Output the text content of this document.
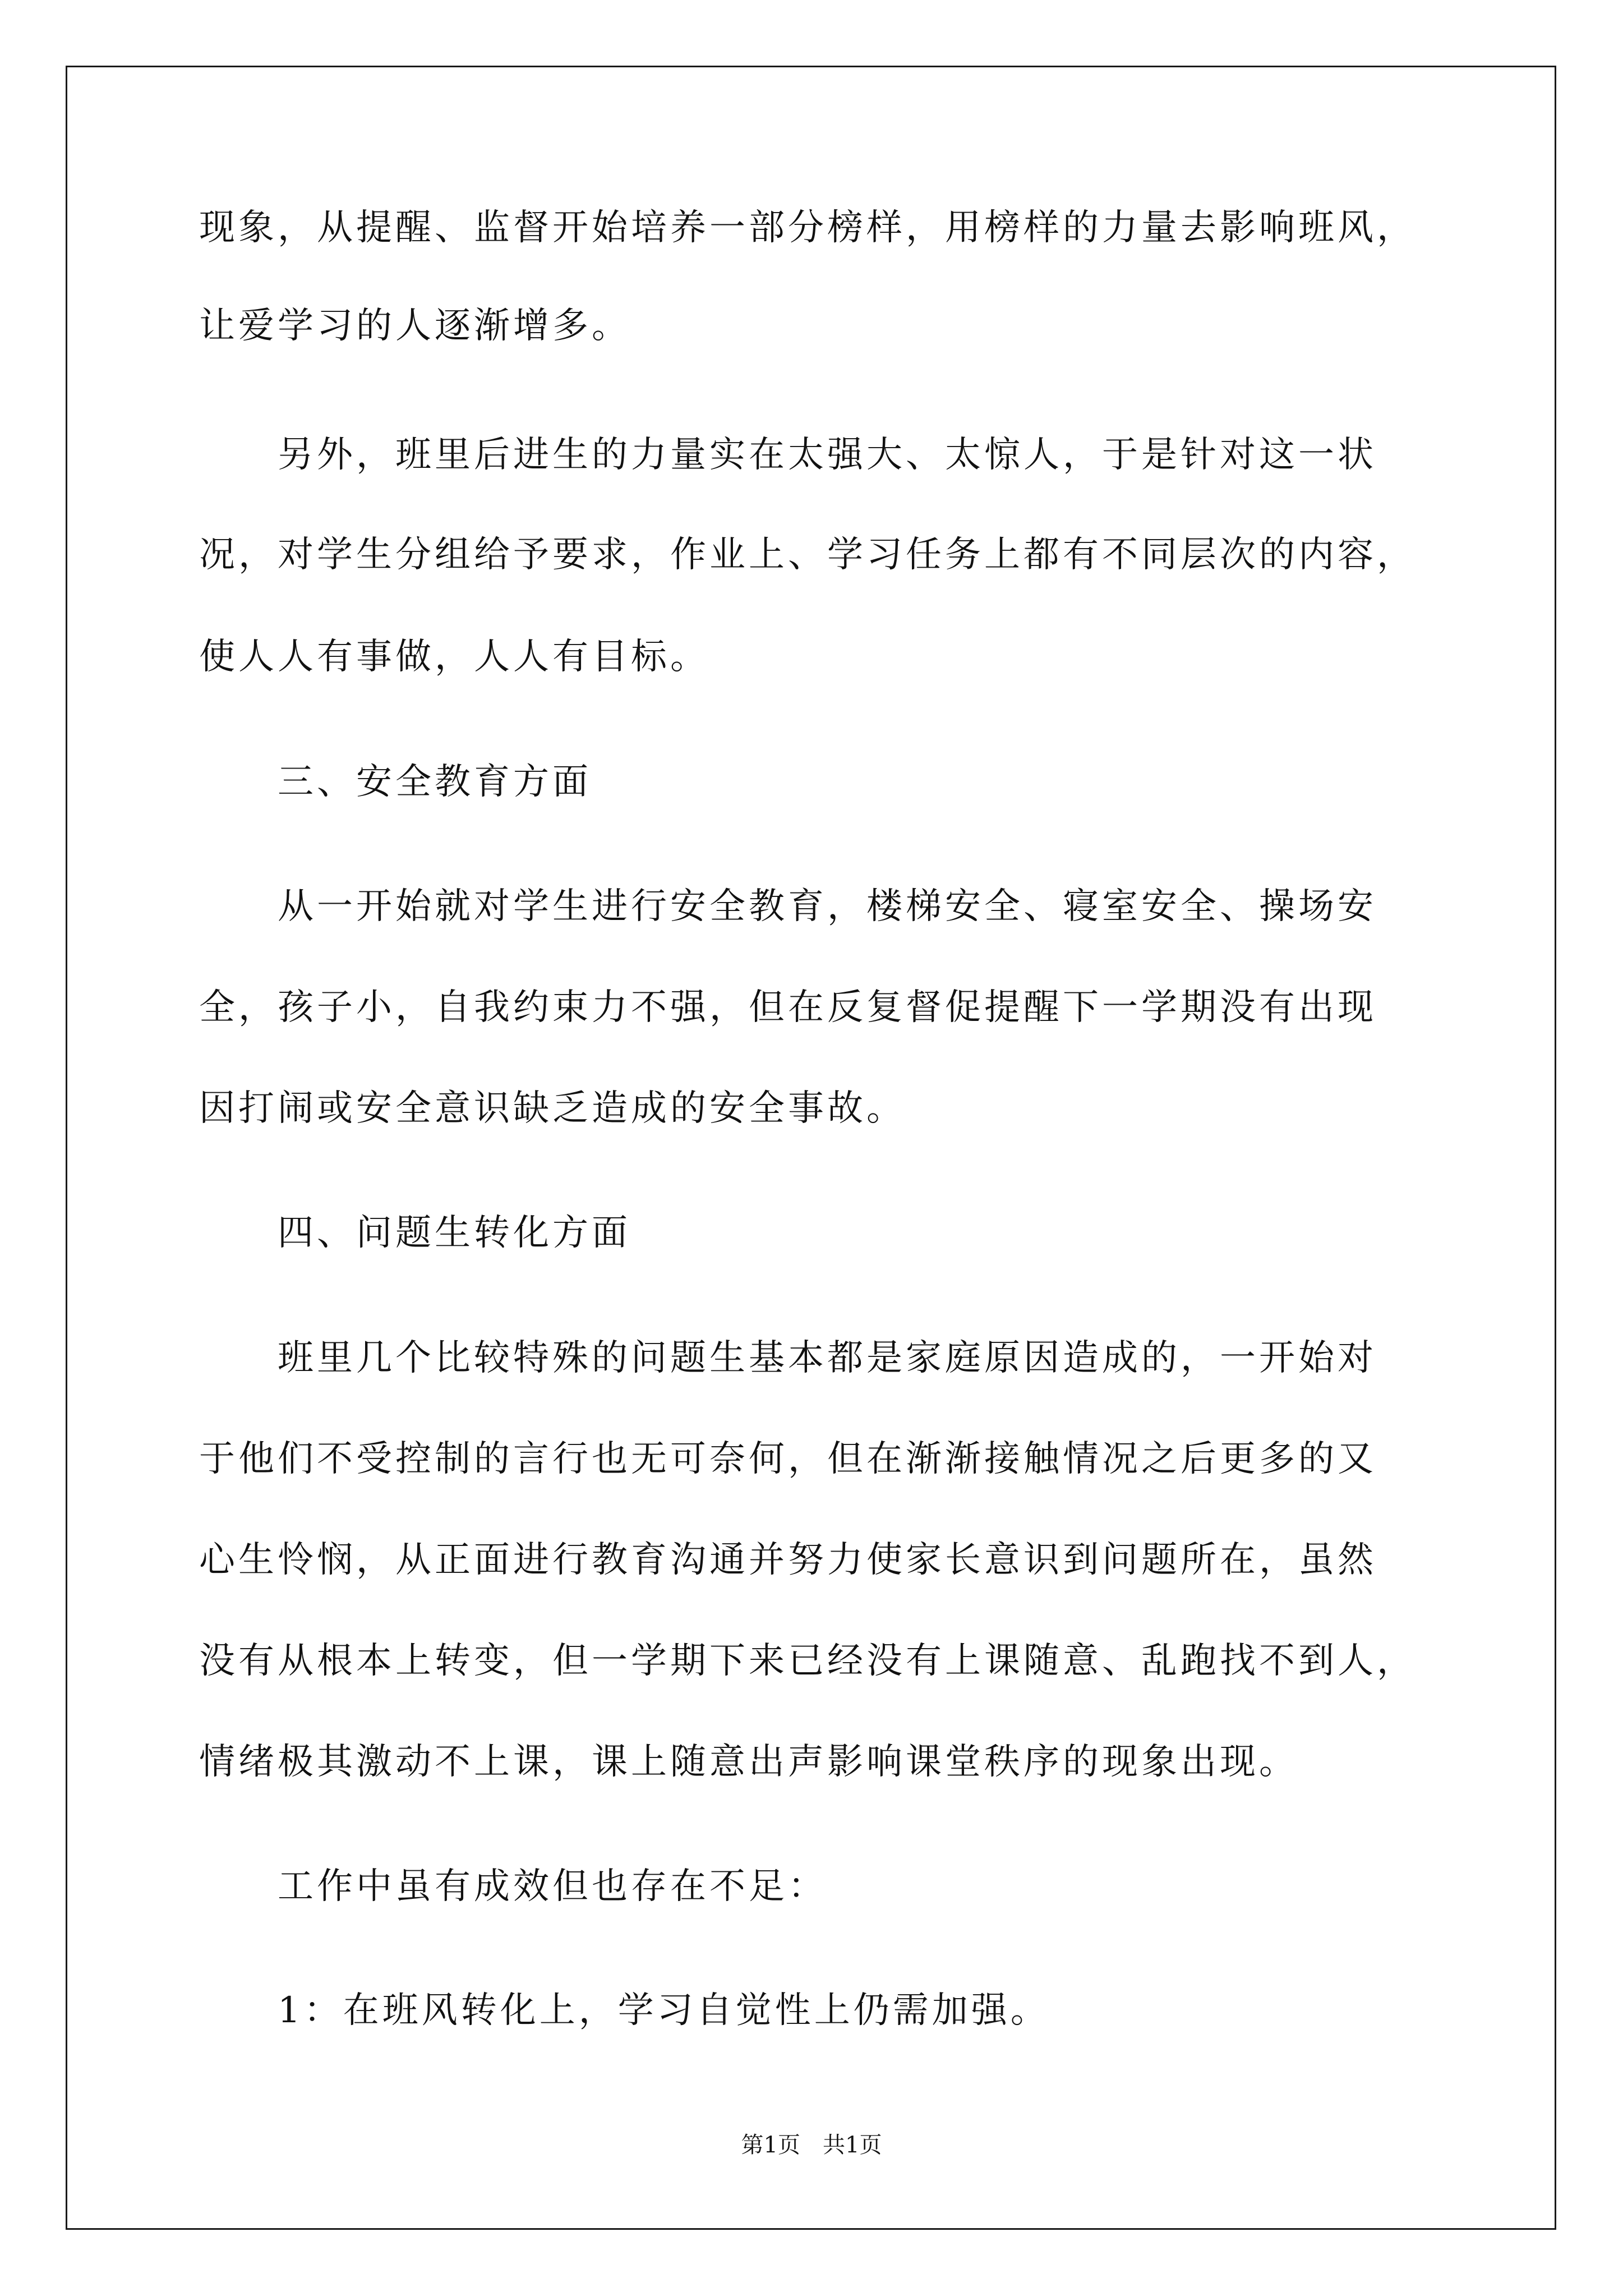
现象，从提醒、监督开始培养一部分榜样，用榜样的力量去影响班风，
让爱学习的人逐渐增多。
　　另外，班里后进生的力量实在太强大、太惊人，于是针对这一状
况，对学生分组给予要求，作业上、学习任务上都有不同层次的内容，
使人人有事做，人人有目标。
　　三、安全教育方面
　　从一开始就对学生进行安全教育，楼梯安全、寝室安全、操场安
全，孩子小，自我约束力不强，但在反复督促提醒下一学期没有出现
因打闹或安全意识缺乏造成的安全事故。
　　四、问题生转化方面
　　班里几个比较特殊的问题生基本都是家庭原因造成的，一开始对
于他们不受控制的言行也无可奈何，但在渐渐接触情况之后更多的又
心生怜悯，从正面进行教育沟通并努力使家长意识到问题所在，虽然
没有从根本上转变，但一学期下来已经没有上课随意、乱跑找不到人，
情绪极其激动不上课，课上随意出声影响课堂秩序的现象出现。
　　工作中虽有成效但也存在不足：
　　1：在班风转化上，学习自觉性上仍需加强。
第1页　共1页
